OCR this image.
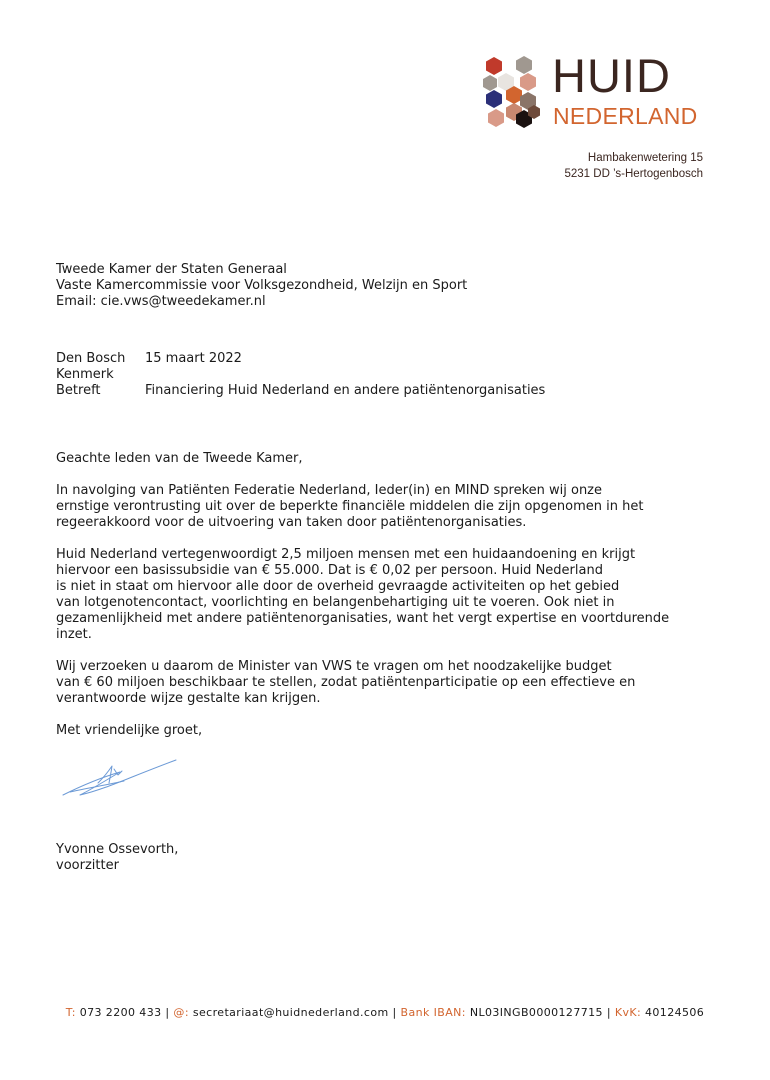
HUID
NEDERLAND
Hambakenwetering 15
5231 DD ’s-Hertogenbosch
Tweede Kamer der Staten Generaal
Vaste Kamercommissie voor Volksgezondheid, Welzijn en Sport
Email: cie.vws@tweedekamer.nl
Den Bosch	15 maart 2022
Kenmerk
Betreft	Financiering Huid Nederland en andere patiëntenorganisaties

Geachte leden van de Tweede Kamer,

In navolging van Patiënten Federatie Nederland, Ieder(in) en MIND spreken wij onze
ernstige verontrusting uit over de beperkte financiële middelen die zijn opgenomen in het
regeerakkoord voor de uitvoering van taken door patiëntenorganisaties.

Huid Nederland vertegenwoordigt 2,5 miljoen mensen met een huidaandoening en krijgt
hiervoor een basissubsidie van € 55.000. Dat is € 0,02 per persoon. Huid Nederland
is niet in staat om hiervoor alle door de overheid gevraagde activiteiten op het gebied
van lotgenotencontact, voorlichting en belangenbehartiging uit te voeren. Ook niet in
gezamenlijkheid met andere patiëntenorganisaties, want het vergt expertise en voortdurende
inzet.

Wij verzoeken u daarom de Minister van VWS te vragen om het noodzakelijke budget
van € 60 miljoen beschikbaar te stellen, zodat patiëntenparticipatie op een effectieve en
verantwoorde wijze gestalte kan krijgen.

Met vriendelijke groet,

Yvonne Ossevorth,
voorzitter
T: 073 2200 433 | @: secretariaat@huidnederland.com | Bank IBAN: NL03INGB0000127715 | KvK: 40124506
